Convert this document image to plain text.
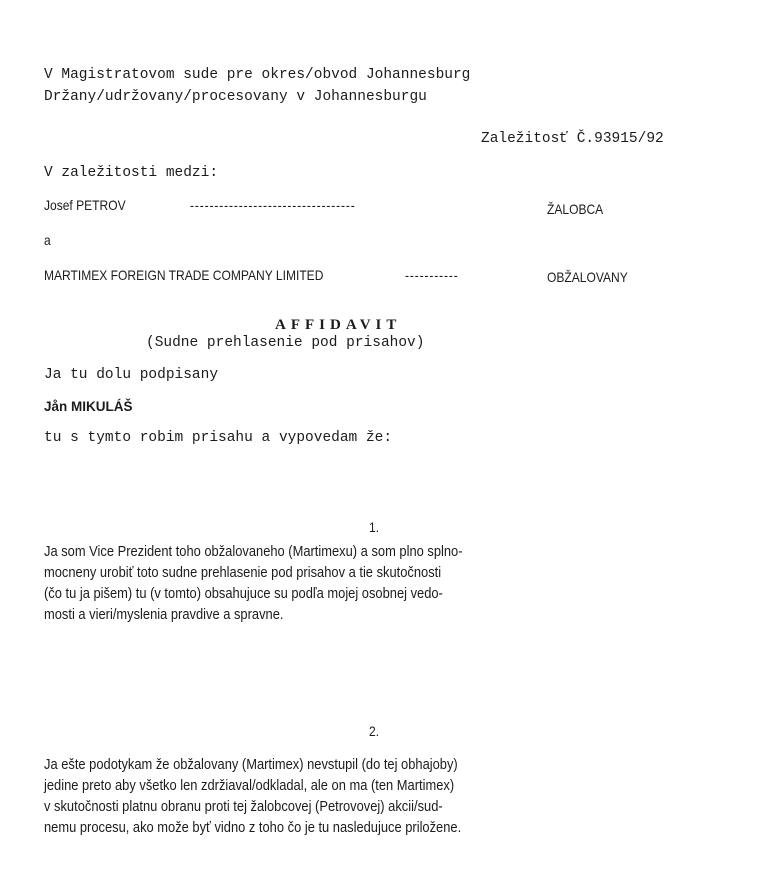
V Magistratovom sude pre okres/obvod Johannesburg
Držany/udržovany/procesovany v Johannesburgu
Zaležitosť Č.93915/92
V zaležitosti medzi:
Josef PETROV	----------------------------------	ŽALOBCA
a
MARTIMEX FOREIGN TRADE COMPANY LIMITED	-----------	OBŽALOVANY
AFFIDAVIT
(Sudne prehlasenie pod prisahov)
Ja tu dolu podpisany
Jån MIKULÁŠ
tu s tymto robim prisahu a vypovedam že:
1.
Ja som Vice Prezident toho obžalovaneho (Martimexu) a som plno splno-
mocneny urobiť toto sudne prehlasenie pod prisahov a tie skutočnosti
(čo tu ja pišem) tu (v tomto) obsahujuce su podľa mojej osobnej vedo-
mosti a vieri/myslenia pravdive a spravne.
2.
Ja ešte podotykam že obžalovany (Martimex) nevstupil (do tej obhajoby)
jedine preto aby všetko len zdržiaval/odkladal, ale on ma (ten Martimex)
v skutočnosti platnu obranu proti tej žalobcovej (Petrovovej) akcii/sud-
nemu procesu, ako može byť vidno z toho čo je tu nasledujuce priložene.
